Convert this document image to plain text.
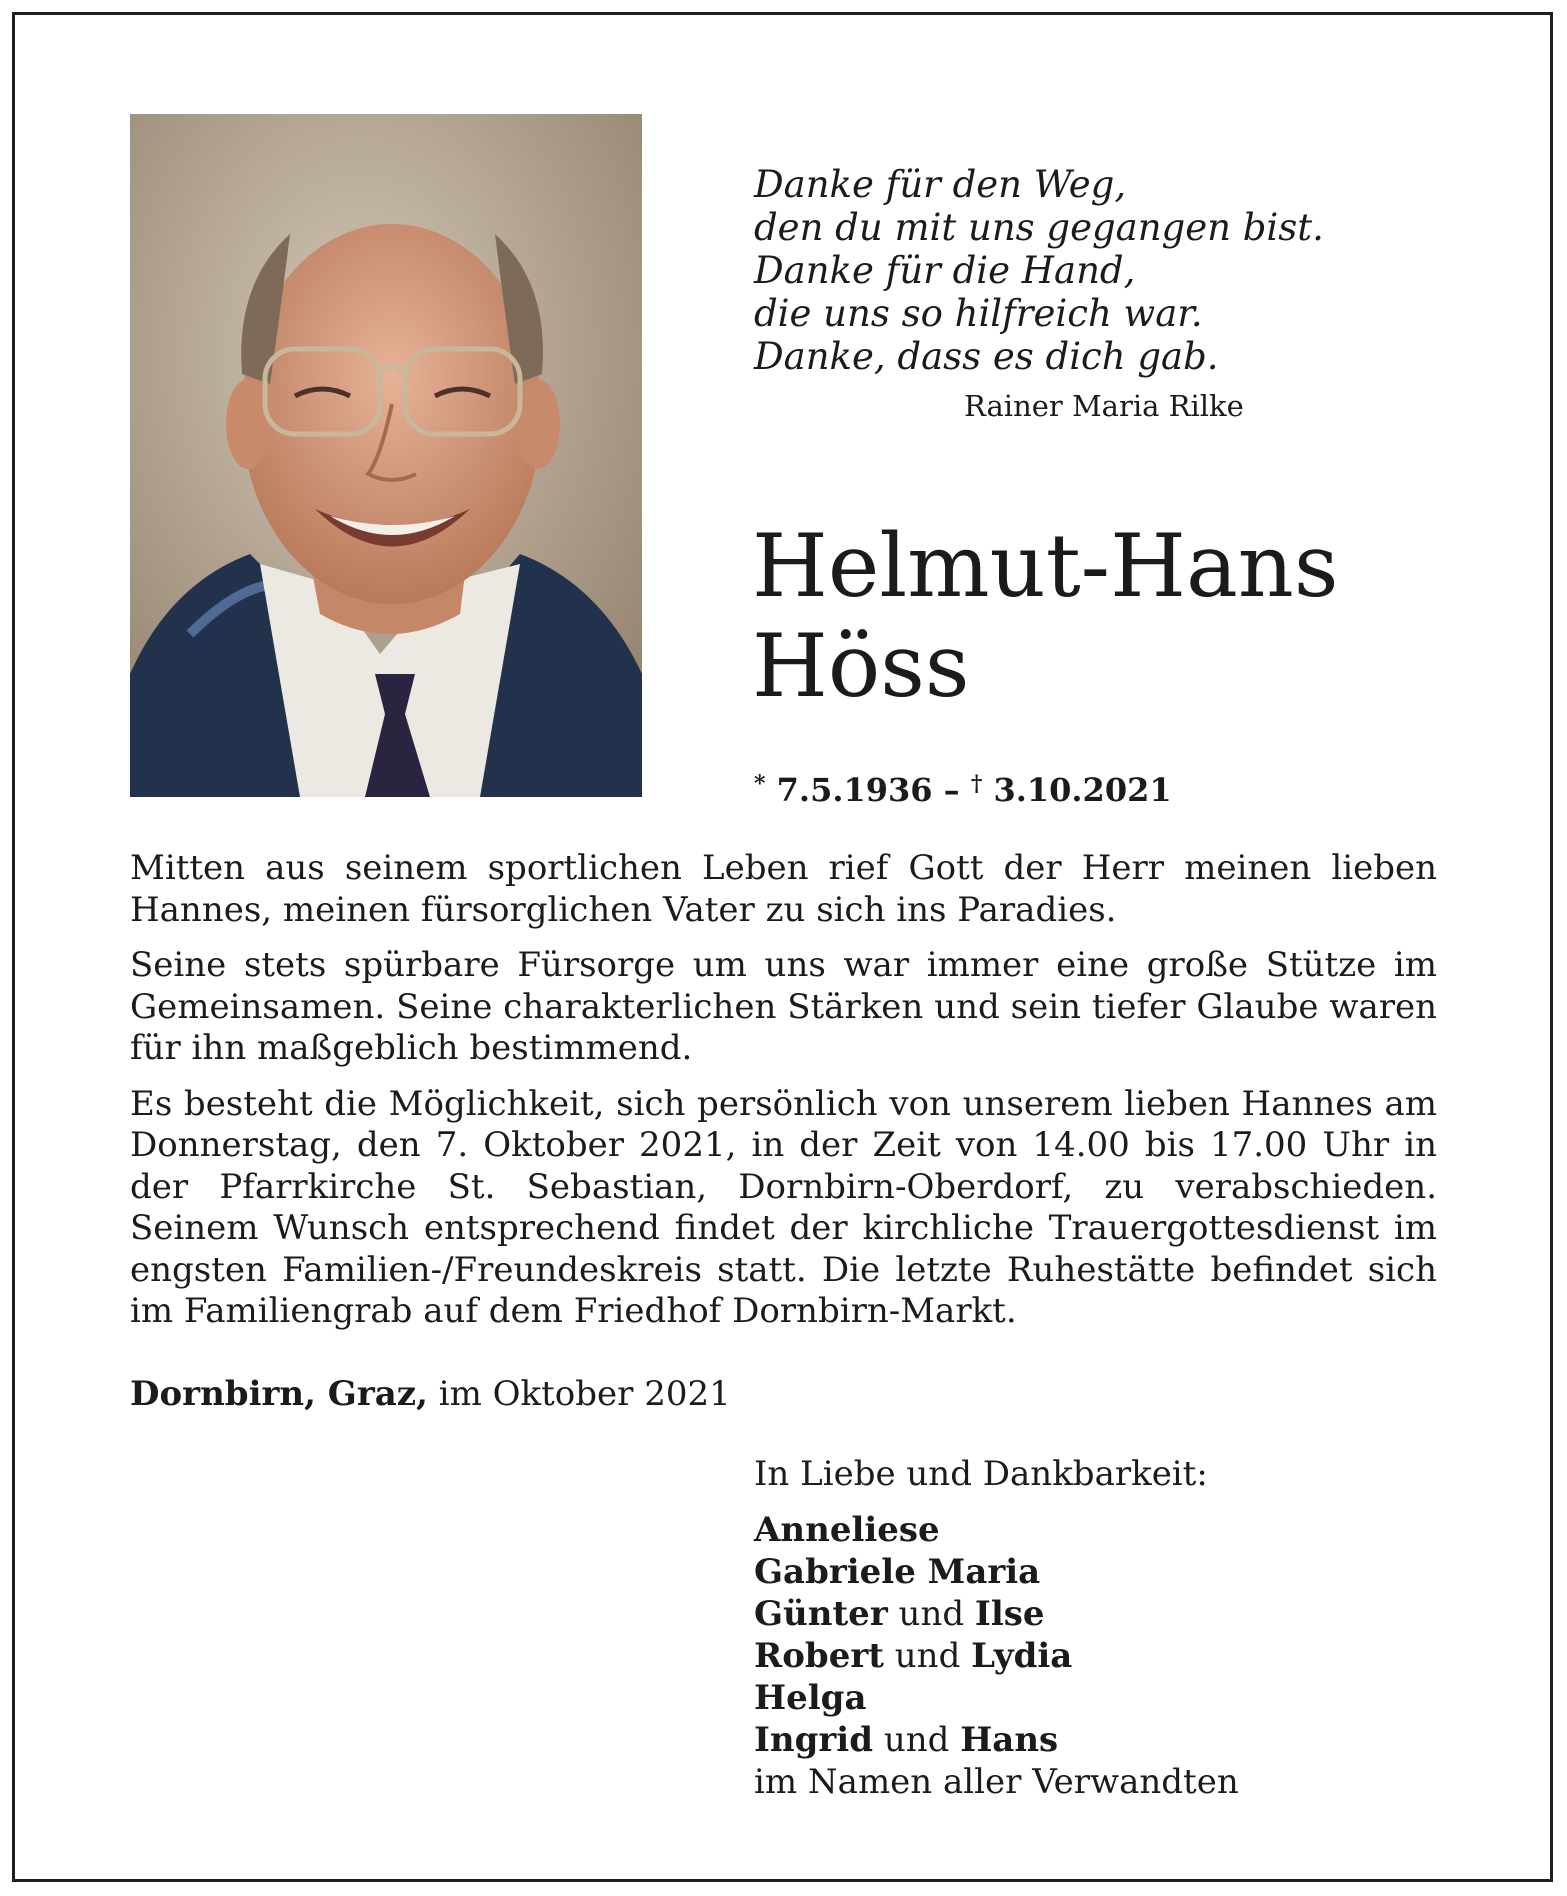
Danke für den Weg,
den du mit uns gegangen bist.
Danke für die Hand,
die uns so hilfreich war.
Danke, dass es dich gab.
Rainer Maria Rilke
Helmut-Hans
Höss
* 7.5.1936 – † 3.10.2021

Mitten aus seinem sportlichen Leben rief Gott der Herr meinen lieben Hannes, meinen fürsorglichen Vater zu sich ins Paradies.

Seine stets spürbare Fürsorge um uns war immer eine große Stütze im Gemeinsamen. Seine charakterlichen Stärken und sein tiefer Glaube waren für ihn maßgeblich bestimmend.

Es besteht die Möglichkeit, sich persönlich von unserem lieben Hannes am Donnerstag, den 7. Oktober 2021, in der Zeit von 14.00 bis 17.00 Uhr in der Pfarrkirche St. Sebastian, Dornbirn-Oberdorf, zu verabschieden. Seinem Wunsch entsprechend findet der kirchliche Trauergottesdienst im engsten Familien-/Freundeskreis statt. Die letzte Ruhestätte befindet sich im Familiengrab auf dem Friedhof Dornbirn-Markt.

Dornbirn, Graz, im Oktober 2021
In Liebe und Dankbarkeit:
Anneliese
Gabriele Maria
Günter und Ilse
Robert und Lydia
Helga
Ingrid und Hans
im Namen aller Verwandten
